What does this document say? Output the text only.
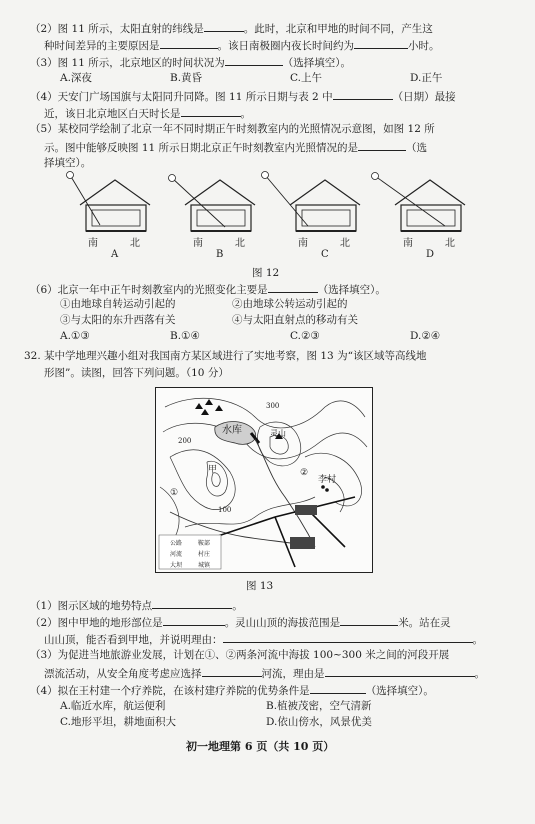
（2）图 11 所示，太阳直射的纬线是	。此时，北京和甲地的时间不同，产生这
种时间差异的主要原因是	。该日南极圈内夜长时间约为	小时。
（3）图 11 所示，北京地区的时间状况为	（选择填空）。
A.深夜	B.黄昏	C.上午	D.正午
（4）天安门广场国旗与太阳同升同降。图 11 所示日期与表 2 中	（日期）最接
近，该日北京地区白天时长是	。
（5）某校同学绘制了北京一年不同时期正午时刻教室内的光照情况示意图，如图 12 所
示。图中能够反映图 11 所示日期北京正午时刻教室内光照情况的是	（选
择填空）。
南	北
A
南	北
B
南	北
C
南	北
D
图 12
（6）北京一年中正午时刻教室内的光照变化主要是	（选择填空）。
①由地球自转运动引起的	②由地球公转运动引起的
③与太阳的东升西落有关	④与太阳直射点的移动有关
A.①③	B.①④	C.②③	D.②④
32. 某中学地理兴趣小组对我国南方某区域进行了实地考察，图 13 为“该区域等高线地
形图”。读图，回答下列问题。（10 分）
水库	灵山
李村
甲
①
②
100
200
300
公路	鞍部
河流	村庄
大坝	城镇
图 13
（1）图示区域的地势特点	。
（2）图中甲地的地形部位是	。灵山山顶的海拔范围是	米。站在灵
山山顶，能否看到甲地，并说明理由：	。
（3）为促进当地旅游业发展，计划在①、②两条河流中海拔 100~300 米之间的河段开展
漂流活动，从安全角度考虑应选择	河流，理由是	。
（4）拟在王村建一个疗养院，在该村建疗养院的优势条件是	（选择填空）。
A.临近水库，航运便利	B.植被茂密，空气清新
C.地形平坦，耕地面积大	D.依山傍水，风景优美
初一地理第 6 页（共 10 页）
